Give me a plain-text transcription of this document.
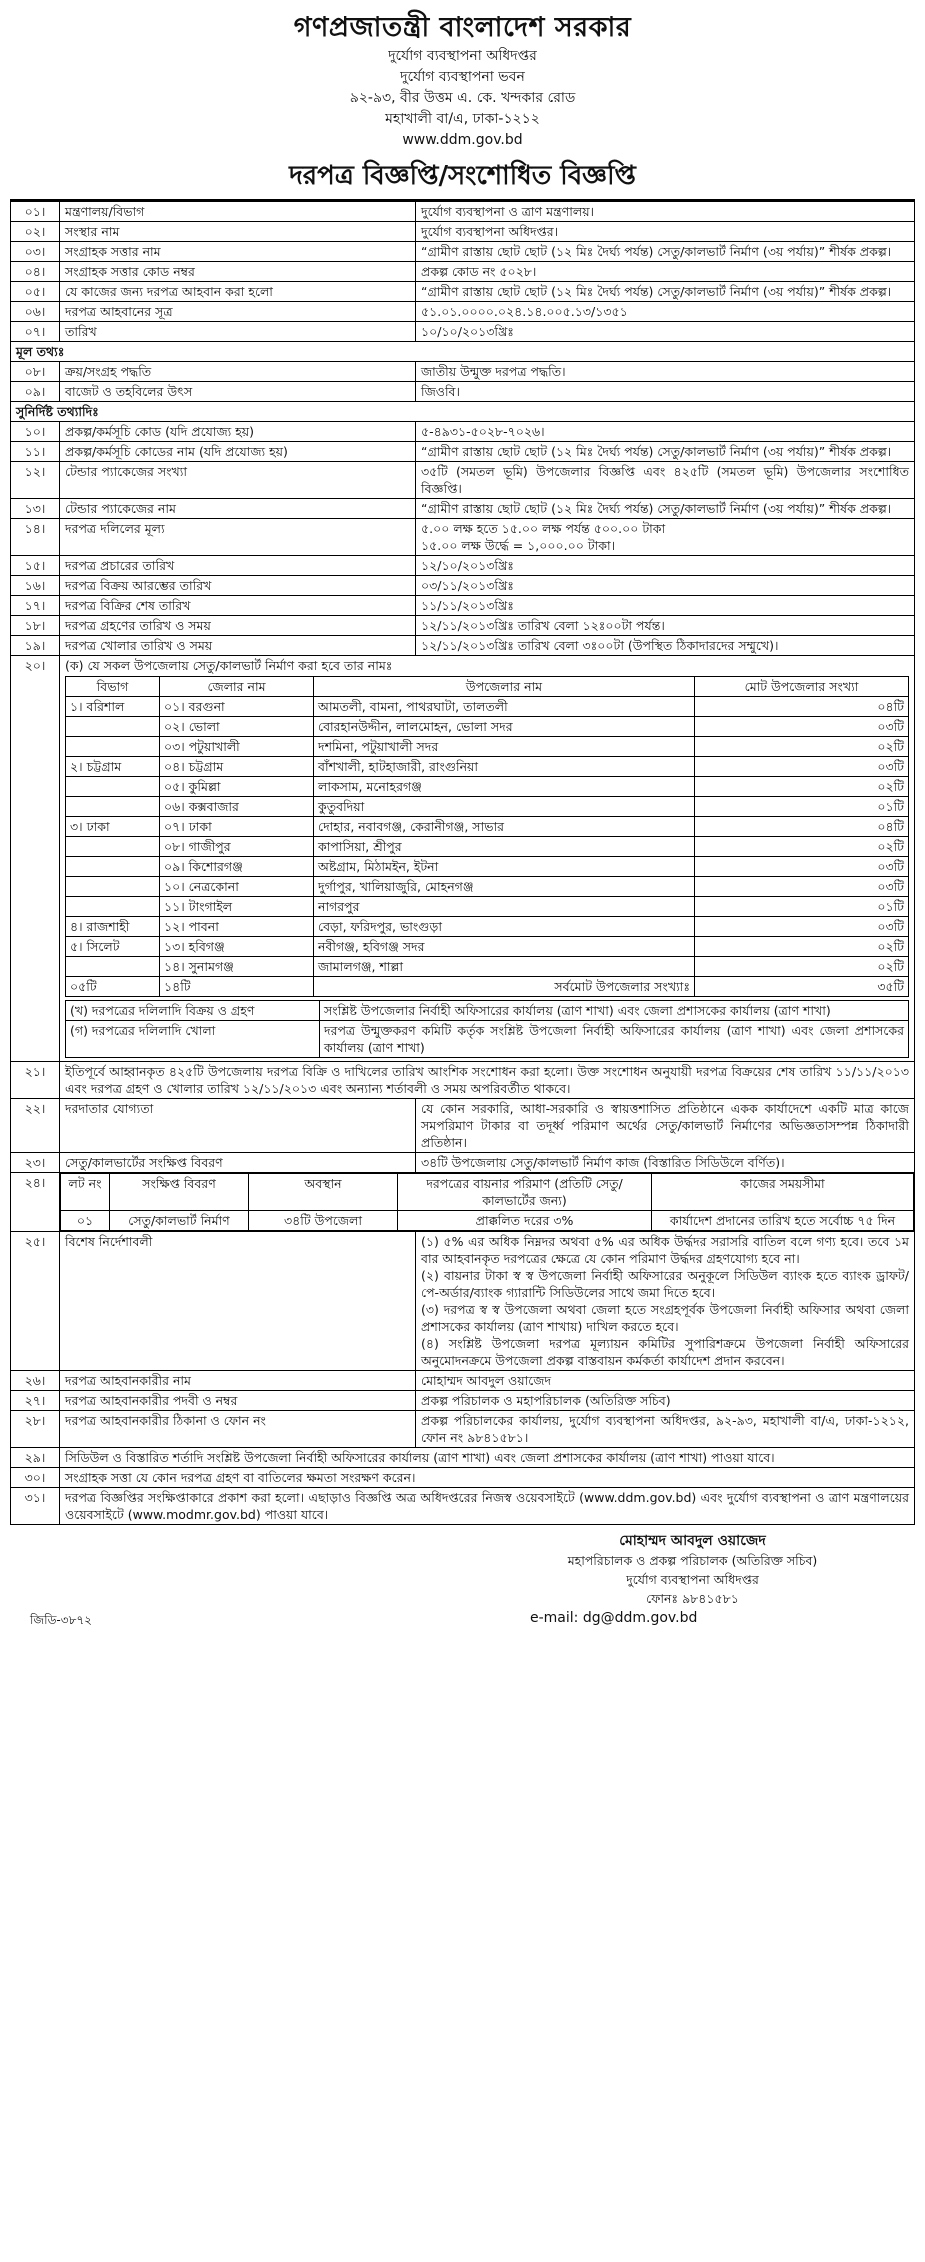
গণপ্রজাতন্ত্রী বাংলাদেশ সরকার
দুর্যোগ ব্যবস্থাপনা অধিদপ্তর
দুর্যোগ ব্যবস্থাপনা ভবন
৯২-৯৩, বীর উত্তম এ. কে. খন্দকার রোড
মহাখালী বা/এ, ঢাকা-১২১২
www.ddm.gov.bd
দরপত্র বিজ্ঞপ্তি/সংশোধিত বিজ্ঞপ্তি
০১।	মন্ত্রণালয়/বিভাগ	দুর্যোগ ব্যবস্থাপনা ও ত্রাণ মন্ত্রণালয়।
০২।	সংস্থার নাম	দুর্যোগ ব্যবস্থাপনা অধিদপ্তর।
০৩।	সংগ্রাহক সত্তার নাম	“গ্রামীণ রাস্তায় ছোট ছোট (১২ মিঃ দৈর্ঘ্য পর্যন্ত) সেতু/কালভার্ট নির্মাণ (৩য় পর্যায়)” শীর্ষক প্রকল্প।
০৪।	সংগ্রাহক সত্তার কোড নম্বর	প্রকল্প কোড নং ৫০২৮।
০৫।	যে কাজের জন্য দরপত্র আহবান করা হলো	“গ্রামীণ রাস্তায় ছোট ছোট (১২ মিঃ দৈর্ঘ্য পর্যন্ত) সেতু/কালভার্ট নির্মাণ (৩য় পর্যায়)” শীর্ষক প্রকল্প।
০৬।	দরপত্র আহবানের সূত্র	৫১.০১.০০০০.০২৪.১৪.০০৫.১৩/১৩৫১
০৭।	তারিখ	১০/১০/২০১৩খ্রিঃ
মূল তথ্যঃ
০৮।	ক্রয়/সংগ্রহ পদ্ধতি	জাতীয় উন্মুক্ত দরপত্র পদ্ধতি।
০৯।	বাজেট ও তহবিলের উৎস	জিওবি।
সুনির্দিষ্ট তথ্যাদিঃ
১০।	প্রকল্প/কর্মসূচি কোড (যদি প্রযোজ্য হয়)	৫-৪৯৩১-৫০২৮-৭০২৬।
১১।	প্রকল্প/কর্মসূচি কোডের নাম (যদি প্রযোজ্য হয়)	“গ্রামীণ রাস্তায় ছোট ছোট (১২ মিঃ দৈর্ঘ্য পর্যন্ত) সেতু/কালভার্ট নির্মাণ (৩য় পর্যায়)” শীর্ষক প্রকল্প।
১২।	টেন্ডার প্যাকেজের সংখ্যা	৩৫টি (সমতল ভূমি) উপজেলার বিজ্ঞপ্তি এবং ৪২৫টি (সমতল ভূমি) উপজেলার সংশোধিত বিজ্ঞপ্তি।
১৩।	টেন্ডার প্যাকেজের নাম	“গ্রামীণ রাস্তায় ছোট ছোট (১২ মিঃ দৈর্ঘ্য পর্যন্ত) সেতু/কালভার্ট নির্মাণ (৩য় পর্যায়)” শীর্ষক প্রকল্প।
১৪।	দরপত্র দলিলের মূল্য	৫.০০ লক্ষ হতে ১৫.০০ লক্ষ পর্যন্ত ৫০০.০০ টাকা
১৫.০০ লক্ষ উর্দ্ধে = ১,০০০.০০ টাকা।

১৫।	দরপত্র প্রচারের তারিখ	১২/১০/২০১৩খ্রিঃ
১৬।	দরপত্র বিক্রয় আরম্ভের তারিখ	০৩/১১/২০১৩খ্রিঃ
১৭।	দরপত্র বিক্রির শেষ তারিখ	১১/১১/২০১৩খ্রিঃ
১৮।	দরপত্র গ্রহণের তারিখ ও সময়	১২/১১/২০১৩খ্রিঃ তারিখ বেলা ১২ঃ০০টা পর্যন্ত।
১৯।	দরপত্র খোলার তারিখ ও সময়	১২/১১/২০১৩খ্রিঃ তারিখ বেলা ৩ঃ০০টা (উপস্থিত ঠিকাদারদের সম্মুখে)।
২০।	(ক) যে সকল উপজেলায় সেতু/কালভার্ট নির্মাণ করা হবে তার নামঃ
বিভাগ	জেলার নাম	উপজেলার নাম	মোট উপজেলার সংখ্যা
১। বরিশাল	০১। বরগুনা	আমতলী, বামনা, পাথরঘাটা, তালতলী	০৪টি
	০২। ভোলা	বোরহানউদ্দীন, লালমোহন, ভোলা সদর	০৩টি
	০৩। পটুয়াখালী	দশমিনা, পটুয়াখালী সদর	০২টি
২। চট্টগ্রাম	০৪। চট্টগ্রাম	বাঁশখালী, হাটহাজারী, রাংগুনিয়া	০৩টি
	০৫। কুমিল্লা	লাকসাম, মনোহরগঞ্জ	০২টি
	০৬। কক্সবাজার	কুতুবদিয়া	০১টি
৩। ঢাকা	০৭। ঢাকা	দোহার, নবাবগঞ্জ, কেরানীগঞ্জ, সাভার	০৪টি
	০৮। গাজীপুর	কাপাসিয়া, শ্রীপুর	০২টি
	০৯। কিশোরগঞ্জ	অষ্টগ্রাম, মিঠামইন, ইটনা	০৩টি
	১০। নেত্রকোনা	দুর্গাপুর, খালিয়াজুরি, মোহনগঞ্জ	০৩টি
	১১। টাংগাইল	নাগরপুর	০১টি
৪। রাজশাহী	১২। পাবনা	বেড়া, ফরিদপুর, ভাংগুড়া	০৩টি
৫। সিলেট	১৩। হবিগঞ্জ	নবীগঞ্জ, হবিগঞ্জ সদর	০২টি
	১৪। সুনামগঞ্জ	জামালগঞ্জ, শাল্লা	০২টি
০৫টি	১৪টি	সর্বমোট উপজেলার সংখ্যাঃ	৩৫টি
(খ) দরপত্রের দলিলাদি বিক্রয় ও গ্রহণ	সংশ্লিষ্ট উপজেলার নির্বাহী অফিসারের কার্যালয় (ত্রাণ শাখা) এবং জেলা প্রশাসকের কার্যালয় (ত্রাণ শাখা)
(গ) দরপত্রের দলিলাদি খোলা	দরপত্র উন্মুক্তকরণ কমিটি কর্তৃক সংশ্লিষ্ট উপজেলা নির্বাহী অফিসারের কার্যালয় (ত্রাণ শাখা) এবং জেলা প্রশাসকের কার্যালয় (ত্রাণ শাখা)

২১।	ইতিপূর্বে আহ্বানকৃত ৪২৫টি উপজেলায় দরপত্র বিক্রি ও দাখিলের তারিখ আংশিক সংশোধন করা হলো। উক্ত সংশোধন অনুযায়ী দরপত্র বিক্রয়ের শেষ তারিখ ১১/১১/২০১৩ এবং দরপত্র গ্রহণ ও খোলার তারিখ ১২/১১/২০১৩ এবং অন্যান্য শর্তাবলী ও সময় অপরিবর্তীত থাকবে।
২২।	দরদাতার যোগ্যতা	যে কোন সরকারি, আধা-সরকারি ও স্বায়ত্তশাসিত প্রতিষ্ঠানে একক কার্যাদেশে একটি মাত্র কাজে সমপরিমাণ টাকার বা তদূর্ধ্ব পরিমাণ অর্থের সেতু/কালভার্ট নির্মাণের অভিজ্ঞতাসম্পন্ন ঠিকাদারী প্রতিষ্ঠান।
২৩।	সেতু/কালভার্টের সংক্ষিপ্ত বিবরণ	৩৪টি উপজেলায় সেতু/কালভার্ট নির্মাণ কাজ (বিস্তারিত সিডিউলে বর্ণিত)।
২৪।	লট নং	সংক্ষিপ্ত বিবরণ	অবস্থান	দরপত্রের বায়নার পরিমাণ (প্রতিটি সেতু/কালভার্টের জন্য)	কাজের সময়সীমা
০১	সেতু/কালভার্ট নির্মাণ	৩৪টি উপজেলা	প্রাক্কলিত দরের ৩%	কার্যাদেশ প্রদানের তারিখ হতে সর্বোচ্চ ৭৫ দিন

২৫।	বিশেষ নির্দেশাবলী	(১) ৫% এর অধিক নিম্নদর অথবা ৫% এর অধিক উর্দ্ধদর সরাসরি বাতিল বলে গণ্য হবে। তবে ১ম বার আহবানকৃত দরপত্রের ক্ষেত্রে যে কোন পরিমাণ উর্দ্ধদর গ্রহণযোগ্য হবে না।
(২) বায়নার টাকা স্ব স্ব উপজেলা নির্বাহী অফিসারের অনুকূলে সিডিউল ব্যাংক হতে ব্যাংক ড্রাফট/পে-অর্ডার/ব্যাংক গ্যারান্টি সিডিউলের সাথে জমা দিতে হবে।
(৩) দরপত্র স্ব স্ব উপজেলা অথবা জেলা হতে সংগ্রহপূর্বক উপজেলা নির্বাহী অফিসার অথবা জেলা প্রশাসকের কার্যালয় (ত্রাণ শাখায়) দাখিল করতে হবে।
(৪) সংশ্লিষ্ট উপজেলা দরপত্র মূল্যায়ন কমিটির সুপারিশক্রমে উপজেলা নির্বাহী অফিসারের অনুমোদনক্রমে উপজেলা প্রকল্প বাস্তবায়ন কর্মকর্তা কার্যাদেশ প্রদান করবেন।

২৬।	দরপত্র আহবানকারীর নাম	মোহাম্মদ আবদুল ওয়াজেদ
২৭।	দরপত্র আহবানকারীর পদবী ও নম্বর	প্রকল্প পরিচালক ও মহাপরিচালক (অতিরিক্ত সচিব)
২৮।	দরপত্র আহবানকারীর ঠিকানা ও ফোন নং	প্রকল্প পরিচালকের কার্যালয়, দুর্যোগ ব্যবস্থাপনা অধিদপ্তর, ৯২-৯৩, মহাখালী বা/এ, ঢাকা-১২১২, ফোন নং ৯৮৪১৫৮১।
২৯।	সিডিউল ও বিস্তারিত শর্তাদি সংশ্লিষ্ট উপজেলা নির্বাহী অফিসারের কার্যালয় (ত্রাণ শাখা) এবং জেলা প্রশাসকের কার্যালয় (ত্রাণ শাখা) পাওয়া যাবে।
৩০।	সংগ্রাহক সত্তা যে কোন দরপত্র গ্রহণ বা বাতিলের ক্ষমতা সংরক্ষণ করেন।
৩১।	দরপত্র বিজ্ঞপ্তির সংক্ষিপ্তাকারে প্রকাশ করা হলো। এছাড়াও বিজ্ঞপ্তি অত্র অধিদপ্তরের নিজস্ব ওয়েবসাইটে (www.ddm.gov.bd) এবং দুর্যোগ ব্যবস্থাপনা ও ত্রাণ মন্ত্রণালয়ের ওয়েবসাইটে (www.modmr.gov.bd) পাওয়া যাবে।
মোহাম্মদ আবদুল ওয়াজেদ
মহাপরিচালক ও প্রকল্প পরিচালক (অতিরিক্ত সচিব)
দুর্যোগ ব্যবস্থাপনা অধিদপ্তর
ফোনঃ ৯৮৪১৫৮১
e-mail: dg@ddm.gov.bd
জিডি-৩৮৭২
